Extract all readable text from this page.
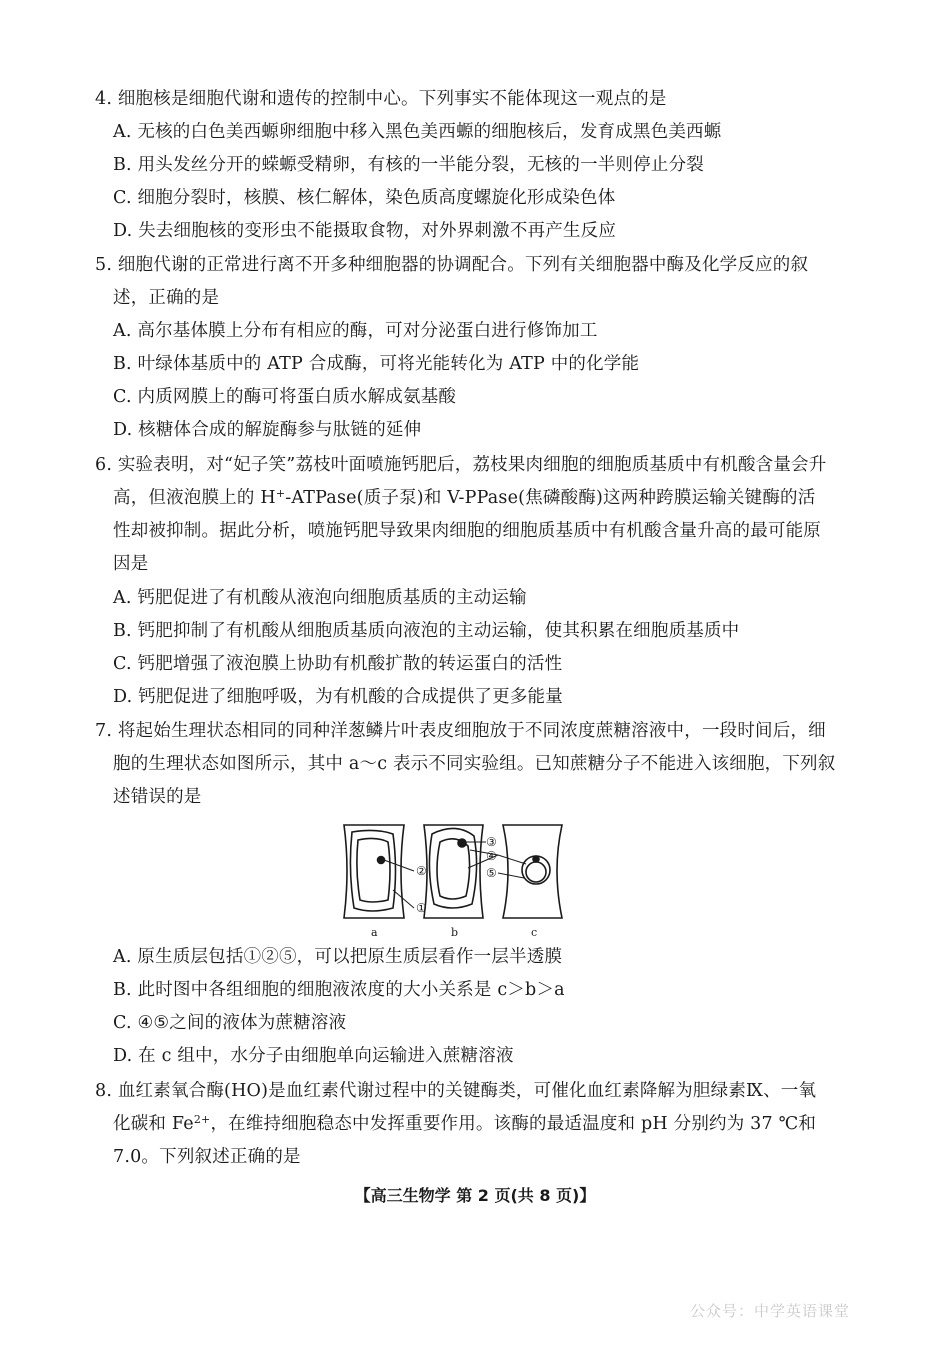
4. 细胞核是细胞代谢和遗传的控制中心。下列事实不能体现这一观点的是
A. 无核的白色美西螈卵细胞中移入黑色美西螈的细胞核后，发育成黑色美西螈
B. 用头发丝分开的蝾螈受精卵，有核的一半能分裂，无核的一半则停止分裂
C. 细胞分裂时，核膜、核仁解体，染色质高度螺旋化形成染色体
D. 失去细胞核的变形虫不能摄取食物，对外界刺激不再产生反应
5. 细胞代谢的正常进行离不开多种细胞器的协调配合。下列有关细胞器中酶及化学反应的叙
述，正确的是
A. 高尔基体膜上分布有相应的酶，可对分泌蛋白进行修饰加工
B. 叶绿体基质中的 ATP 合成酶，可将光能转化为 ATP 中的化学能
C. 内质网膜上的酶可将蛋白质水解成氨基酸
D. 核糖体合成的解旋酶参与肽链的延伸
6. 实验表明，对“妃子笑”荔枝叶面喷施钙肥后，荔枝果肉细胞的细胞质基质中有机酸含量会升
高，但液泡膜上的 H+-ATPase(质子泵)和 V-PPase(焦磷酸酶)这两种跨膜运输关键酶的活
性却被抑制。据此分析，喷施钙肥导致果肉细胞的细胞质基质中有机酸含量升高的最可能原
因是
A. 钙肥促进了有机酸从液泡向细胞质基质的主动运输
B. 钙肥抑制了有机酸从细胞质基质向液泡的主动运输，使其积累在细胞质基质中
C. 钙肥增强了液泡膜上协助有机酸扩散的转运蛋白的活性
D. 钙肥促进了细胞呼吸，为有机酸的合成提供了更多能量
7. 将起始生理状态相同的同种洋葱鳞片叶表皮细胞放于不同浓度蔗糖溶液中，一段时间后，细
胞的生理状态如图所示，其中 a～c 表示不同实验组。已知蔗糖分子不能进入该细胞，下列叙
述错误的是
②
①
③
④
⑤
a	b	c
A. 原生质层包括①②⑤，可以把原生质层看作一层半透膜
B. 此时图中各组细胞的细胞液浓度的大小关系是 c＞b＞a
C. ④⑤之间的液体为蔗糖溶液
D. 在 c 组中，水分子由细胞单向运输进入蔗糖溶液
8. 血红素氧合酶(HO)是血红素代谢过程中的关键酶类，可催化血红素降解为胆绿素Ⅸ、一氧
化碳和 $Fe^{2+}$，在维持细胞稳态中发挥重要作用。该酶的最适温度和 pH 分别约为 37 ℃和
7.0。下列叙述正确的是
【高三生物学 第 2 页(共 8 页)】
公众号：中学英语课堂
